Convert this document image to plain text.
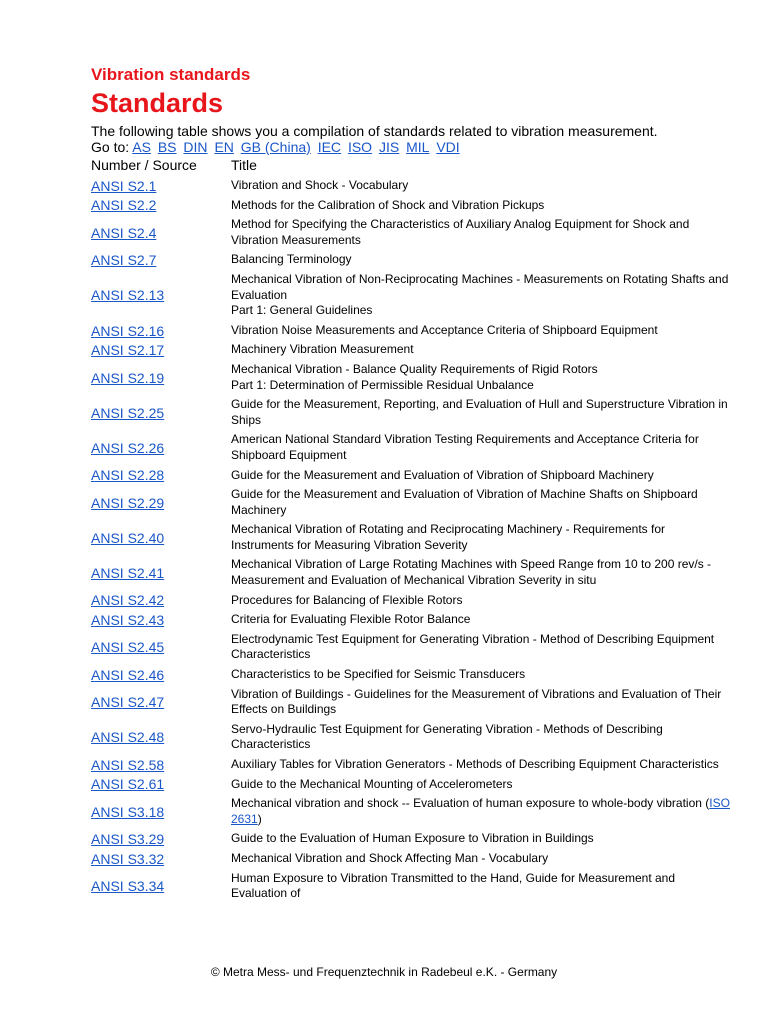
Vibration standards
Standards

The following table shows you a compilation of standards related to vibration measurement.

Go to: AS BS DIN EN GB (China) IEC ISO JIS MIL VDI

Number / Source	Title
ANSI S2.1	Vibration and Shock - Vocabulary
ANSI S2.2	Methods for the Calibration of Shock and Vibration Pickups
ANSI S2.4	Method for Specifying the Characteristics of Auxiliary Analog Equipment for Shock and Vibration Measurements
ANSI S2.7	Balancing Terminology
ANSI S2.13	Mechanical Vibration of Non-Reciprocating Machines - Measurements on Rotating Shafts and Evaluation
Part 1: General Guidelines
ANSI S2.16	Vibration Noise Measurements and Acceptance Criteria of Shipboard Equipment
ANSI S2.17	Machinery Vibration Measurement
ANSI S2.19	Mechanical Vibration - Balance Quality Requirements of Rigid Rotors
Part 1: Determination of Permissible Residual Unbalance
ANSI S2.25	Guide for the Measurement, Reporting, and Evaluation of Hull and Superstructure Vibration in Ships
ANSI S2.26	American National Standard Vibration Testing Requirements and Acceptance Criteria for Shipboard Equipment
ANSI S2.28	Guide for the Measurement and Evaluation of Vibration of Shipboard Machinery
ANSI S2.29	Guide for the Measurement and Evaluation of Vibration of Machine Shafts on Shipboard Machinery
ANSI S2.40	Mechanical Vibration of Rotating and Reciprocating Machinery - Requirements for Instruments for Measuring Vibration Severity
ANSI S2.41	Mechanical Vibration of Large Rotating Machines with Speed Range from 10 to 200 rev/s - Measurement and Evaluation of Mechanical Vibration Severity in situ
ANSI S2.42	Procedures for Balancing of Flexible Rotors
ANSI S2.43	Criteria for Evaluating Flexible Rotor Balance
ANSI S2.45	Electrodynamic Test Equipment for Generating Vibration - Method of Describing Equipment Characteristics
ANSI S2.46	Characteristics to be Specified for Seismic Transducers
ANSI S2.47	Vibration of Buildings - Guidelines for the Measurement of Vibrations and Evaluation of Their Effects on Buildings
ANSI S2.48	Servo-Hydraulic Test Equipment for Generating Vibration - Methods of Describing Characteristics
ANSI S2.58	Auxiliary Tables for Vibration Generators - Methods of Describing Equipment Characteristics
ANSI S2.61	Guide to the Mechanical Mounting of Accelerometers
ANSI S3.18	Mechanical vibration and shock -- Evaluation of human exposure to whole-body vibration (ISO 2631)
ANSI S3.29	Guide to the Evaluation of Human Exposure to Vibration in Buildings
ANSI S3.32	Mechanical Vibration and Shock Affecting Man - Vocabulary
ANSI S3.34	Human Exposure to Vibration Transmitted to the Hand, Guide for Measurement and Evaluation of
© Metra Mess- und Frequenztechnik in Radebeul e.K. - Germany
